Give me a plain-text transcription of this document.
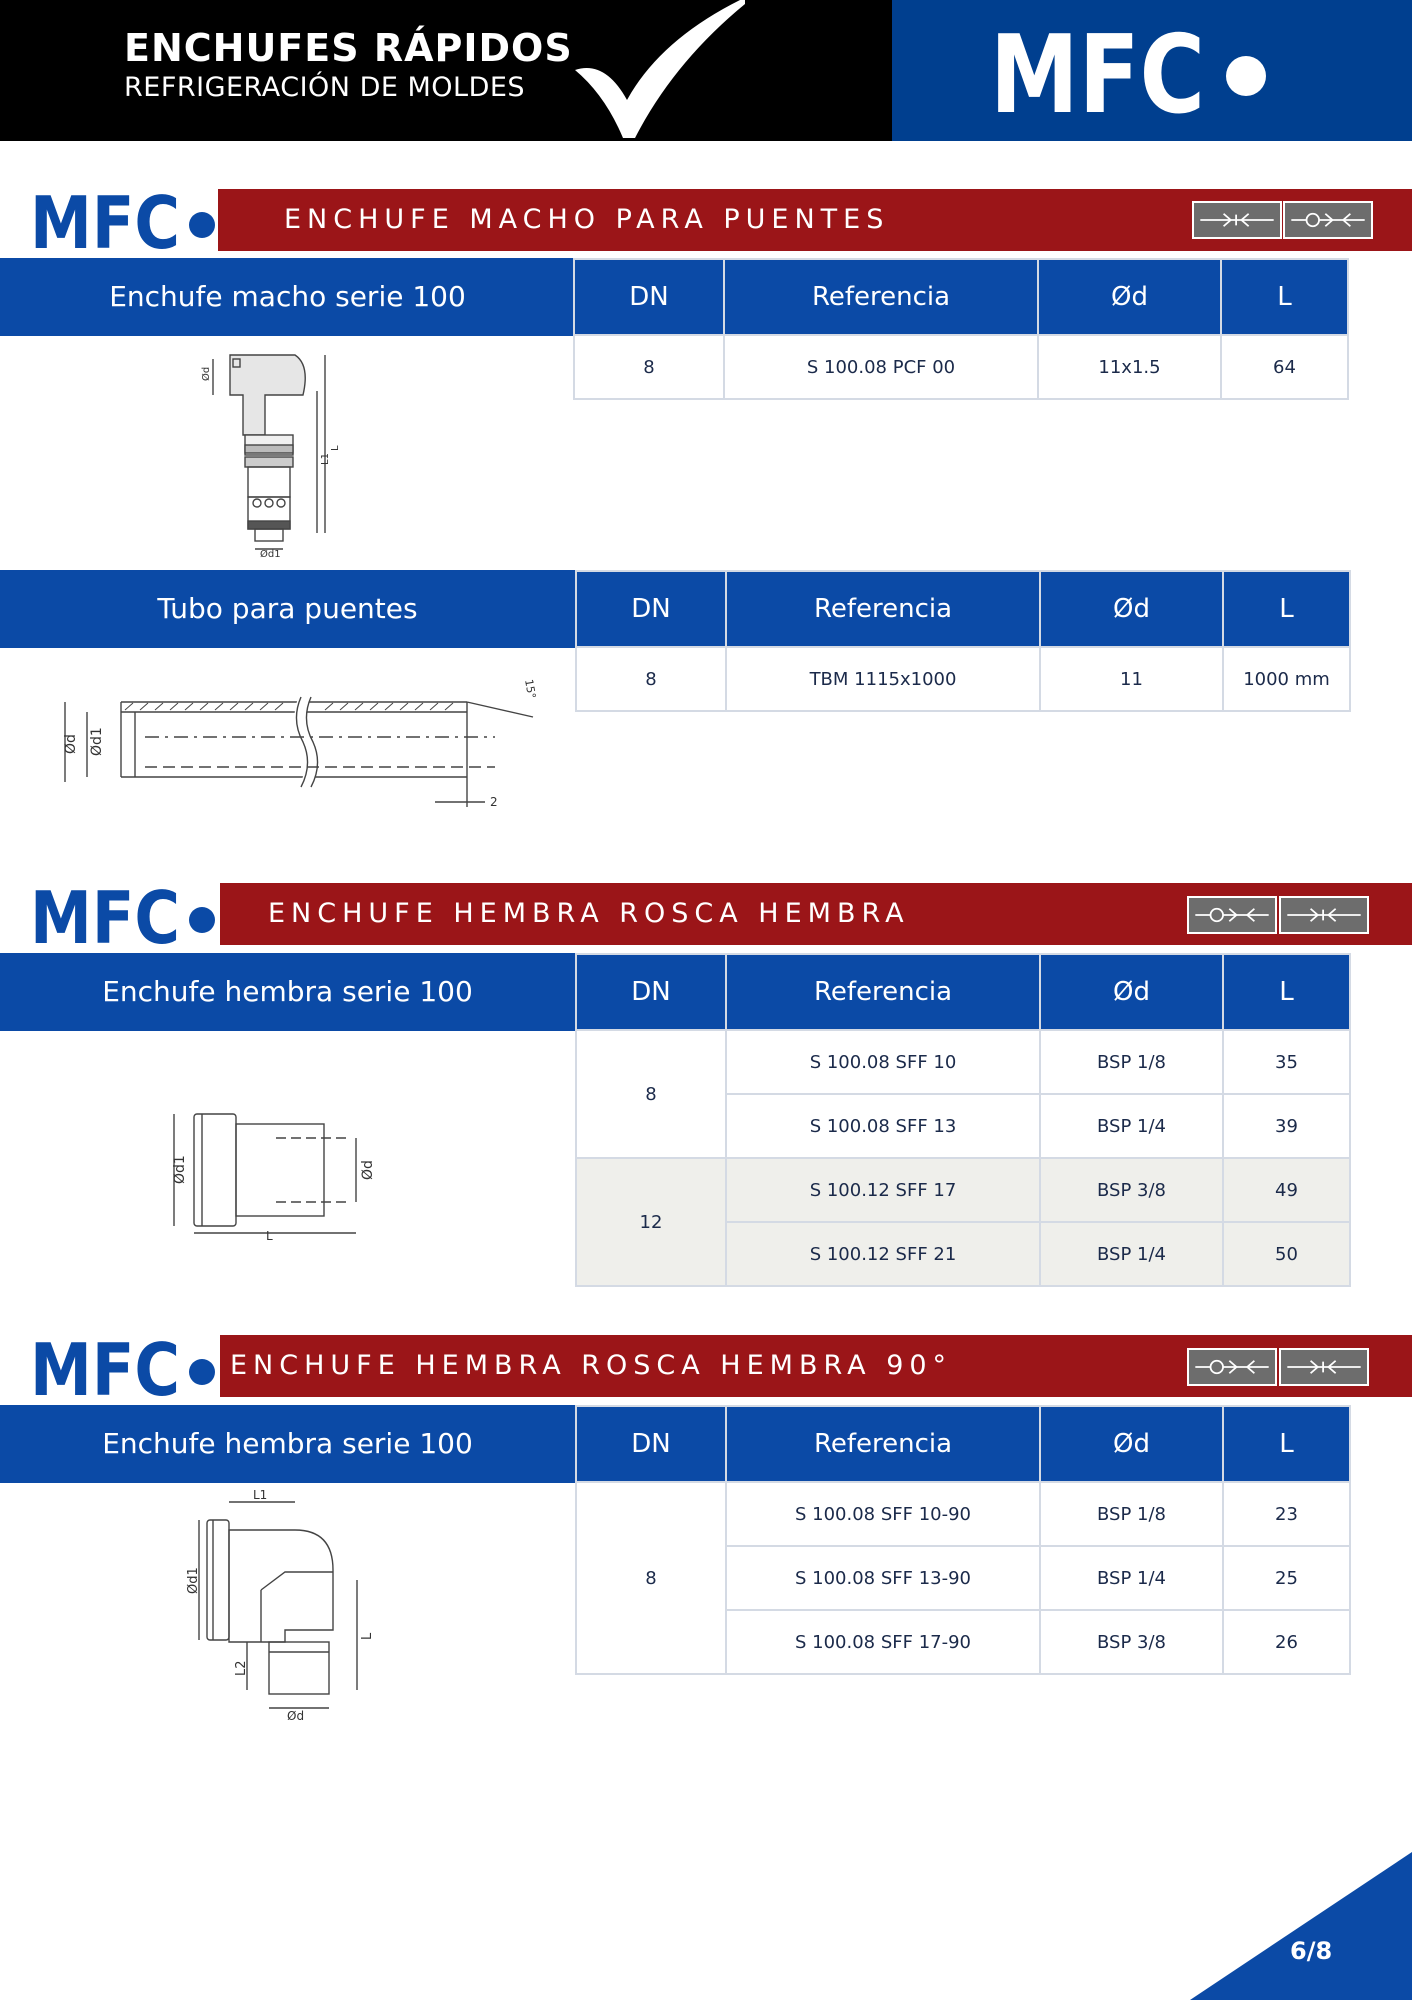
ENCHUFES RÁPIDOS
REFRIGERACIÓN DE MOLDES	MFC
MFC	ENCHUFE MACHO PARA PUENTES
Enchufe macho serie 100	DN	Referencia	Ød	L
8	S 100.08 PCF 00	11x1.5	64
Ød
L1
L
Ød1
Tubo para puentes	DN	Referencia	Ød	L
8	TBM 1115x1000	11	1000 mm
Ød Ød1
15°
2
MFC	ENCHUFE HEMBRA ROSCA HEMBRA
Enchufe hembra serie 100	DN	Referencia	Ød	L
8	S 100.08 SFF 10	BSP 1/8	35
	S 100.08 SFF 13	BSP 1/4	39
12	S 100.12 SFF 17	BSP 3/8	49
	S 100.12 SFF 21	BSP 1/4	50
Ød1	Ød
L
MFC ENCHUFE HEMBRA ROSCA HEMBRA 90°
Enchufe hembra serie 100	DN	Referencia	Ød	L
8	S 100.08 SFF 10-90	BSP 1/8	23
	S 100.08 SFF 13-90	BSP 1/4	25
	S 100.08 SFF 17-90	BSP 3/8	26
L1
Ød1
L
L2
Ød
6/8
